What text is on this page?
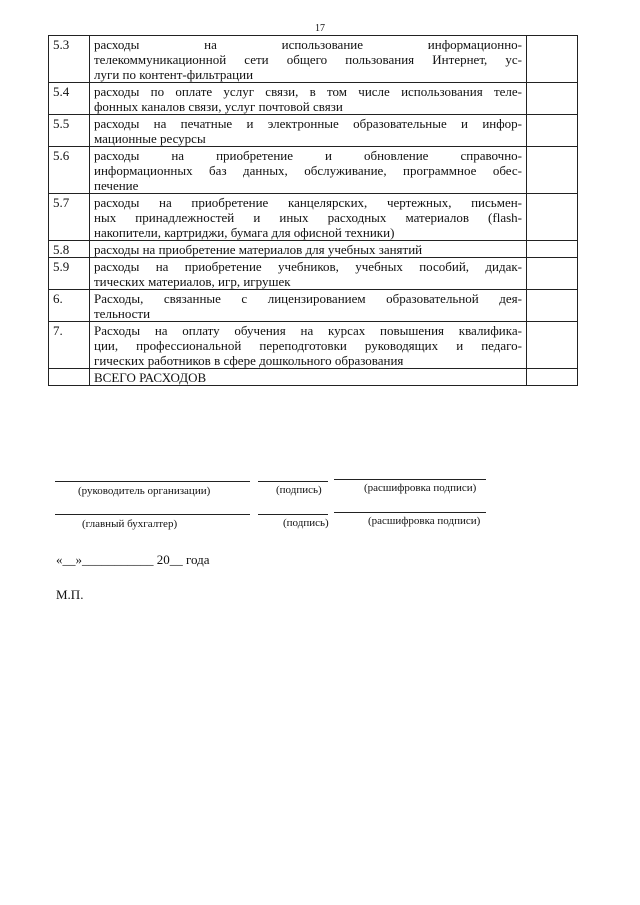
17
5.3	расходы на использование информационно-
телекоммуникационной сети общего пользования Интернет, ус-
луги по контент-фильтрации	

5.4	расходы по оплате услуг связи, в том числе использования теле-
фонных каналов связи, услуг почтовой связи	

5.5	расходы на печатные и электронные образовательные и инфор-
мационные ресурсы	

5.6	расходы на приобретение и обновление справочно-
информационных баз данных, обслуживание, программное обес-
печение	

5.7	расходы на приобретение канцелярских, чертежных, письмен-
ных принадлежностей и иных расходных материалов (flash-
накопители, картриджи, бумага для офисной техники)	

5.8	расходы на приобретение материалов для учебных занятий	

5.9	расходы на приобретение учебников, учебных пособий, дидак-
тических материалов, игр, игрушек	

6.	Расходы, связанные с лицензированием образовательной дея-
тельности	

7.	Расходы на оплату обучения на курсах повышения квалифика-
ции, профессиональной переподготовки руководящих и педаго-
гических работников в сфере дошкольного образования	

	ВСЕГО РАСХОДОВ	

(руководитель организации)	(подпись)	(расшифровка подписи)
(главный бухгалтер)	(подпись)	(расшифровка подписи)
«__»___________ 20__ года
М.П.
